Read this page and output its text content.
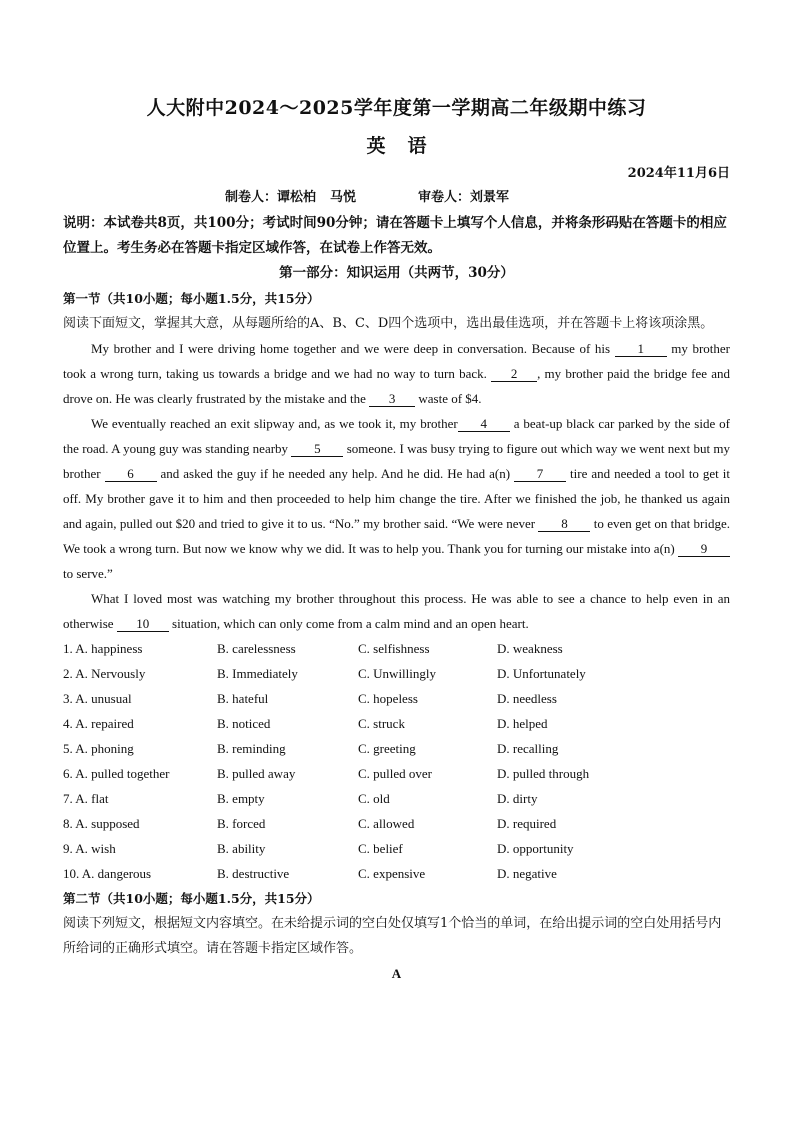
人大附中2024～2025学年度第一学期高二年级期中练习
英语
2024年11月6日
制卷人：谭松柏 马悦	审卷人：刘景军
说明：本试卷共8页，共100分；考试时间90分钟；请在答题卡上填写个人信息，并将条形码贴在答题卡的相应位置上。考生务必在答题卡指定区域作答，在试卷上作答无效。
第一部分：知识运用（共两节，30分）
第一节（共10小题；每小题1.5分，共15分）
阅读下面短文，掌握其大意，从每题所给的A、B、C、D四个选项中，选出最佳选项，并在答题卡上将该项涂黑。

My brother and I were driving home together and we were deep in conversation. Because of his 1 my brother took a wrong turn, taking us towards a bridge and we had no way to turn back. 2 , my brother paid the bridge fee and drove on. He was clearly frustrated by the mistake and the 3 waste of $4.

We eventually reached an exit slipway and, as we took it, my brother 4 a beat-up black car parked by the side of the road. A young guy was standing nearby 5 someone. I was busy trying to figure out which way we went next but my brother 6 and asked the guy if he needed any help. And he did. He had a(n) 7 tire and needed a tool to get it off. My brother gave it to him and then proceeded to help him change the tire. After we finished the job, he thanked us again and again, pulled out $20 and tried to give it to us. “No.” my brother said. “We were never 8 to even get on that bridge. We took a wrong turn. But now we know why we did. It was to help you. Thank you for turning our mistake into a(n) 9 to serve.”

What I loved most was watching my brother throughout this process. He was able to see a chance to help even in an otherwise 10 situation, which can only come from a calm mind and an open heart.

1. A. happiness	B. carelessness	C. selfishness	D. weakness
2. A. Nervously	B. Immediately	C. Unwillingly	D. Unfortunately
3. A. unusual	B. hateful	C. hopeless	D. needless
4. A. repaired	B. noticed	C. struck	D. helped
5. A. phoning	B. reminding	C. greeting	D. recalling
6. A. pulled together	B. pulled away	C. pulled over	D. pulled through
7. A. flat	B. empty	C. old	D. dirty
8. A. supposed	B. forced	C. allowed	D. required
9. A. wish	B. ability	C. belief	D. opportunity
10. A. dangerous	B. destructive	C. expensive	D. negative
第二节（共10小题；每小题1.5分，共15分）
阅读下列短文，根据短文内容填空。在未给提示词的空白处仅填写1个恰当的单词，在给出提示词的空白处用括号内所给词的正确形式填空。请在答题卡指定区域作答。
A
